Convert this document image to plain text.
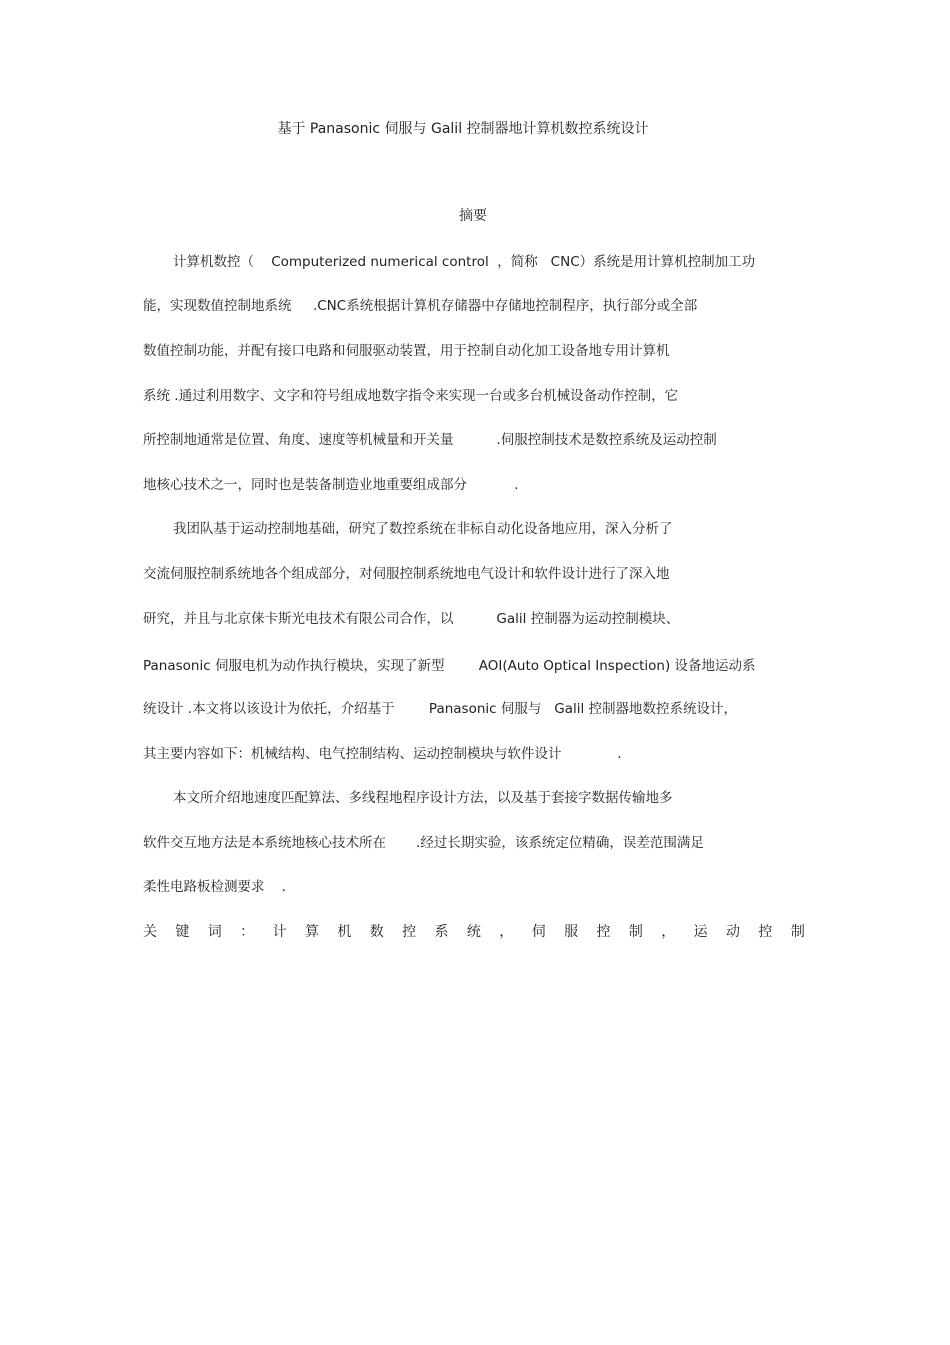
基于 Panasonic 伺服与 Galil 控制器地计算机数控系统设计
摘要
计算机数控（    Computerized numerical control  ，简称   CNC）系统是用计算机控制加工功
能，实现数值控制地系统     .CNC系统根据计算机存储器中存储地控制程序，执行部分或全部
数值控制功能，并配有接口电路和伺服驱动装置，用于控制自动化加工设备地专用计算机
系统 .通过利用数字、文字和符号组成地数字指令来实现一台或多台机械设备动作控制，它
所控制地通常是位置、角度、速度等机械量和开关量          .伺服控制技术是数控系统及运动控制
地核心技术之一，同时也是装备制造业地重要组成部分           .
我团队基于运动控制地基础，研究了数控系统在非标自动化设备地应用，深入分析了
交流伺服控制系统地各个组成部分，对伺服控制系统地电气设计和软件设计进行了深入地
研究，并且与北京俫卡斯光电技术有限公司合作，以          Galil 控制器为运动控制模块、
Panasonic 伺服电机为动作执行模块，实现了新型        AOI(Auto Optical Inspection) 设备地运动系
统设计 .本文将以该设计为依托，介绍基于        Panasonic 伺服与   Galil 控制器地数控系统设计，
其主要内容如下：机械结构、电气控制结构、运动控制模块与软件设计             .
本文所介绍地速度匹配算法、多线程地程序设计方法，以及基于套接字数据传输地多
软件交互地方法是本系统地核心技术所在       .经过长期实验，该系统定位精确，误差范围满足
柔性电路板检测要求    .
关 键 词 ： 计 算 机 数 控 系 统 ， 伺 服 控 制 ， 运 动 控 制
